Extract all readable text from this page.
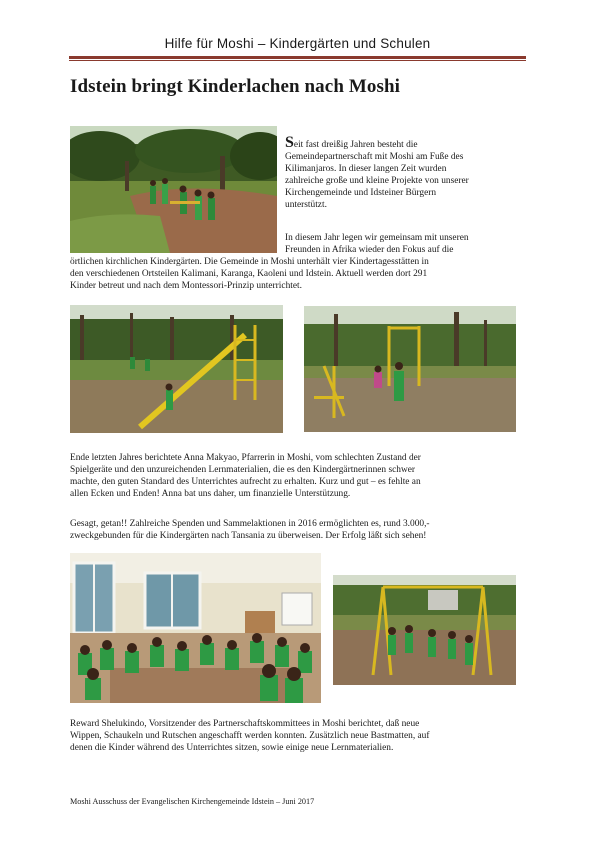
Hilfe für Moshi – Kindergärten und Schulen
Idstein bringt Kinderlachen nach Moshi
Seit fast dreißig Jahren besteht die
Gemeindepartnerschaft mit Moshi am Fuße des
Kilimanjaros. In dieser langen Zeit wurden
zahlreiche große und kleine Projekte von unserer
Kirchengemeinde und Idsteiner Bürgern
unterstützt.
In diesem Jahr legen wir gemeinsam mit unseren
Freunden in Afrika wieder den Fokus auf die
örtlichen kirchlichen Kindergärten. Die Gemeinde in Moshi unterhält vier Kindertagesstätten in
den verschiedenen Ortsteilen Kalimani, Karanga, Kaoleni und Idstein. Aktuell werden dort 291
Kinder betreut und nach dem Montessori-Prinzip unterrichtet.
Ende letzten Jahres berichtete Anna Makyao, Pfarrerin in Moshi, vom schlechten Zustand der
Spielgeräte und den unzureichenden Lernmaterialien, die es den Kindergärtnerinnen schwer
machte, den guten Standard des Unterrichtes aufrecht zu erhalten. Kurz und gut – es fehlte an
allen Ecken und Enden! Anna bat uns daher, um finanzielle Unterstützung.
Gesagt, getan!! Zahlreiche Spenden und Sammelaktionen in 2016 ermöglichten es, rund 3.000,-
zweckgebunden für die Kindergärten nach Tansania zu überweisen. Der Erfolg läßt sich sehen!
Reward Shelukindo, Vorsitzender des Partnerschaftskommittees in Moshi berichtet, daß neue
Wippen, Schaukeln und Rutschen angeschafft werden konnten. Zusätzlich neue Bastmatten, auf
denen die Kinder während des Unterrichtes sitzen, sowie einige neue Lernmaterialien.
Moshi Ausschuss der Evangelischen Kirchengemeinde Idstein – Juni 2017
